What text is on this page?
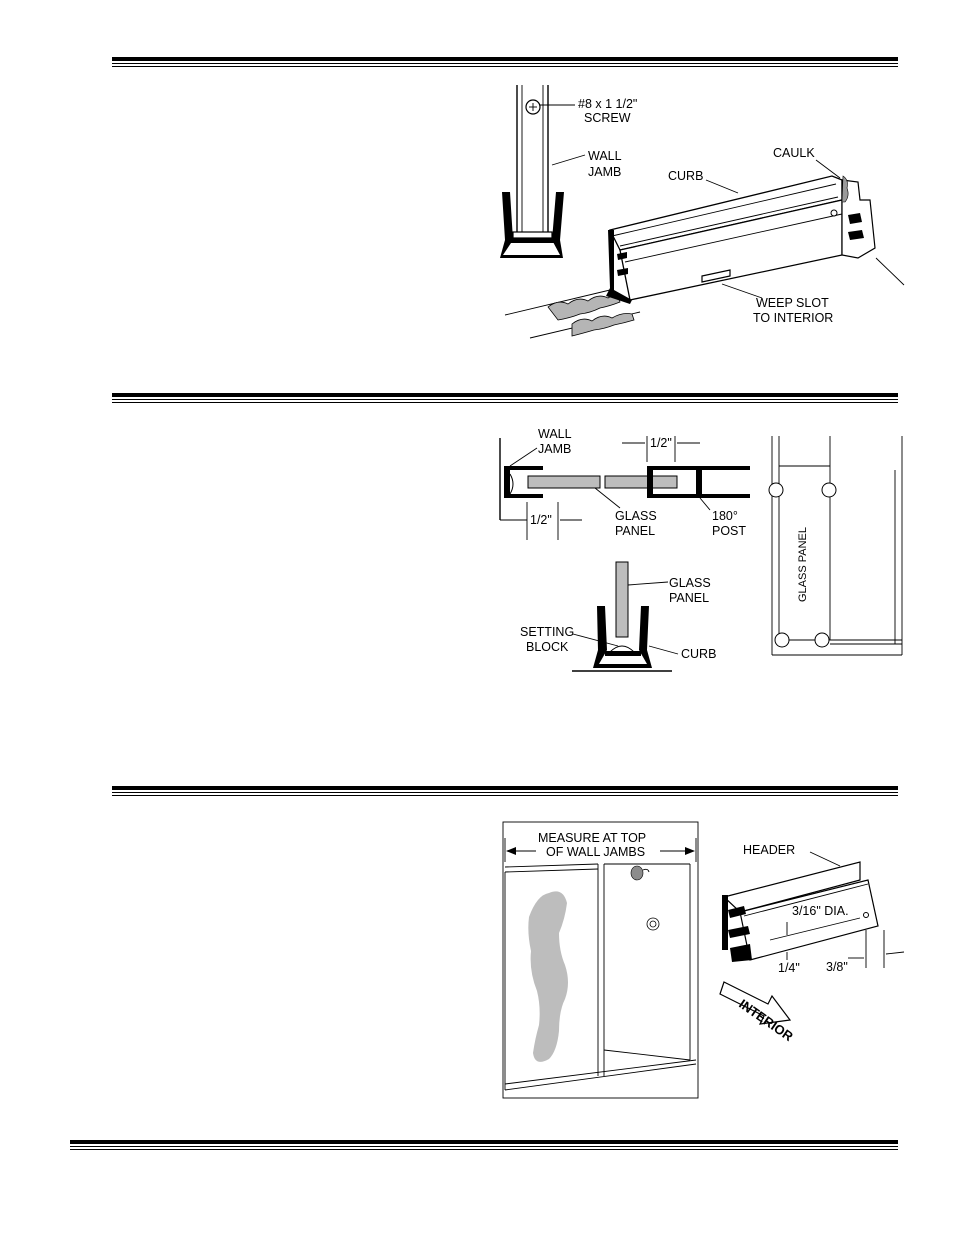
#8 x 1 1/2"
SCREW
WALL
JAMB	CURB
CAULK
WEEP SLOT
TO INTERIOR
1/2"
1/2"
WALL
JAMB
GLASS
PANEL
180°
POST
GLASS
PANEL
SETTING
BLOCK	CURB
GLASS PANEL
MEASURE AT TOP
OF WALL JAMBS	HEADER
3/16" DIA.
1/4" 3/8"
INTERIOR
